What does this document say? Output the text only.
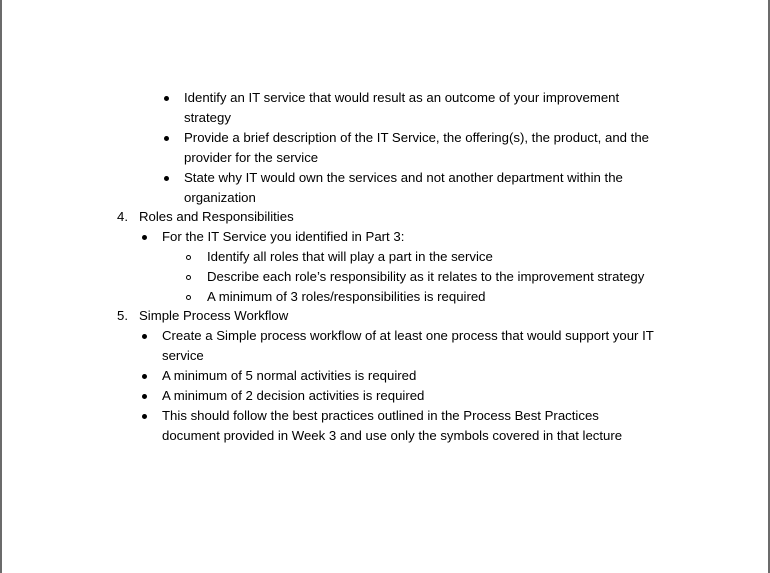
Identify an IT service that would result as an outcome of your improvement
strategy
Provide a brief description of the IT Service, the offering(s), the product, and the
provider for the service
State why IT would own the services and not another department within the
organization
4. Roles and Responsibilities
For the IT Service you identified in Part 3:
Identify all roles that will play a part in the service
Describe each role’s responsibility as it relates to the improvement strategy
A minimum of 3 roles/responsibilities is required
5. Simple Process Workflow
Create a Simple process workflow of at least one process that would support your IT
service
A minimum of 5 normal activities is required
A minimum of 2 decision activities is required
This should follow the best practices outlined in the Process Best Practices
document provided in Week 3 and use only the symbols covered in that lecture
